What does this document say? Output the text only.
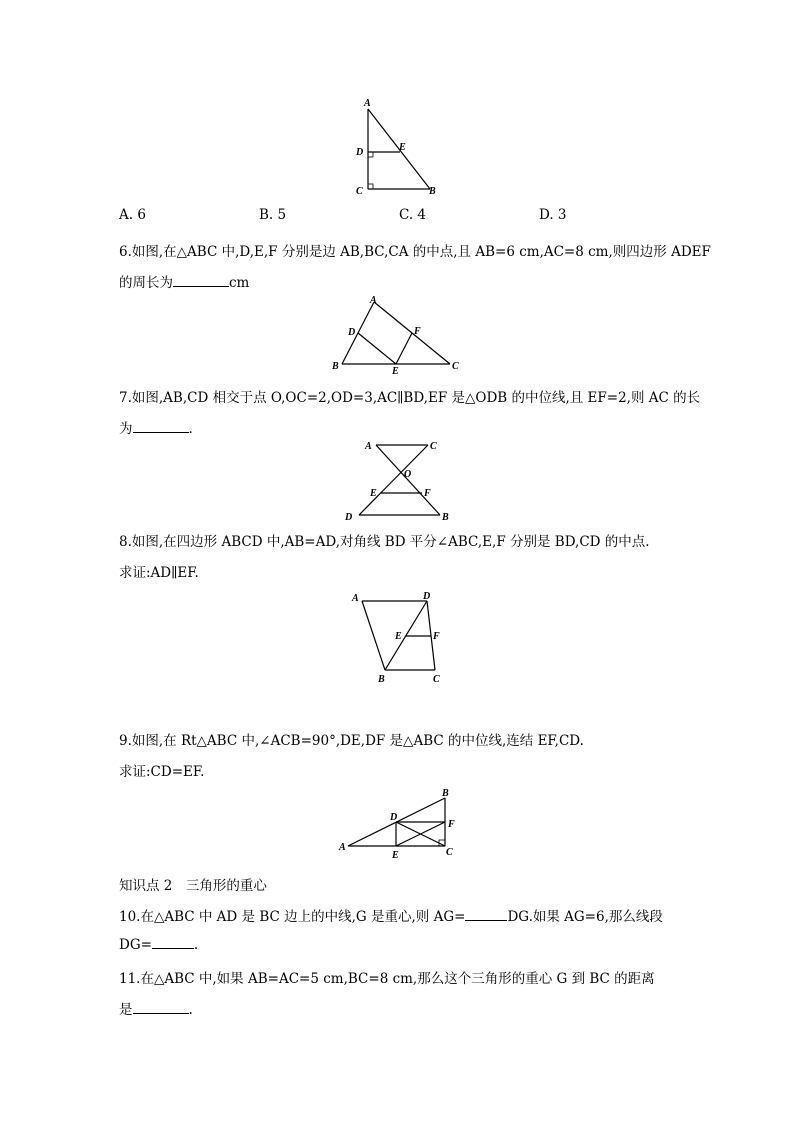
A
D	E
C	B
A. 6	B. 5	C. 4	D. 3
6.如图,在△ABC 中,D,E,F 分别是边 AB,BC,CA 的中点,且 AB=6 cm,AC=8 cm,则四边形 ADEF
的周长为	cm
A
D	F
B	E	C
7.如图,AB,CD 相交于点 O,OC=2,OD=3,AC∥BD,EF 是△ODB 的中位线,且 EF=2,则 AC 的长
为	.
A	C
O
E	F
D	B
8.如图,在四边形 ABCD 中,AB=AD,对角线 BD 平分∠ABC,E,F 分别是 BD,CD 的中点.
求证:AD∥EF.
A	D
E	F
B	C
9.如图,在 Rt△ABC 中,∠ACB=90°,DE,DF 是△ABC 的中位线,连结 EF,CD.
求证:CD=EF.
B
D
F
A
E	C
知识点 2　三角形的重心
10.在△ABC 中 AD 是 BC 边上的中线,G 是重心,则 AG=	DG.如果 AG=6,那么线段
DG=	.
11.在△ABC 中,如果 AB=AC=5 cm,BC=8 cm,那么这个三角形的重心 G 到 BC 的距离
是	.
